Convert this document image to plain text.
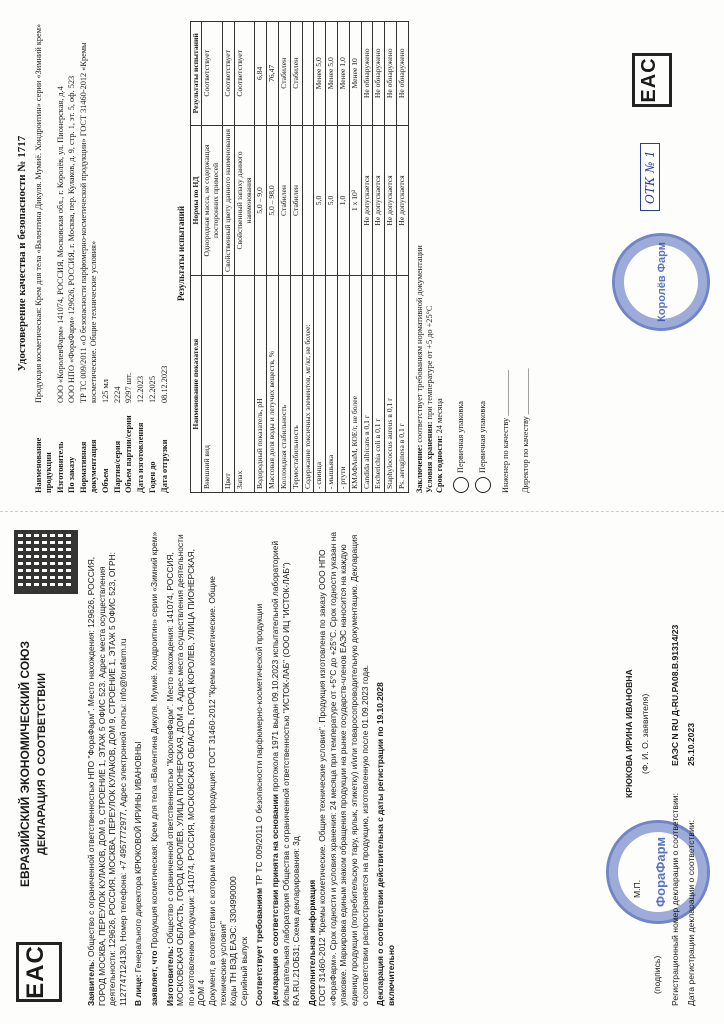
EAC
ЕВРАЗИЙСКИЙ ЭКОНОМИЧЕСКИЙ СОЮЗ ДЕКЛАРАЦИЯ О СООТВЕТСТВИИ

Заявитель: Общество с ограниченной ответственностью НПО "ФораФарм". Место нахождения: 129626, РОССИЯ, ГОРОД МОСКВА, ПЕРЕУЛОК КУЛАКОВ, ДОМ 9, СТРОЕНИЕ 1, ЭТАЖ 5 ОФИС 523. Адрес места осуществления деятельности: 129626, РОССИЯ, МОСКВА, ПЕРЕУЛОК КУЛАКОВ, ДОМ 9, СТРОЕНИЕ 1, ЭТАЖ 5 ОФИС 523, ОГРН: 1127747124130, Номер телефона: +7 4957772977, Адрес электронной почты: info@forafarm.ru В лице: Генерального директора КРЮКОВОЙ ИРИНЫ ИВАНОВНЫ

заявляет, что Продукция косметическая: Крем для тела «Валентина Дикуля. Мумиё. Хондроитин» серии «Зимний крем»

Изготовитель: Общество с ограниченной ответственностью "КоролевФарм". Место нахождения: 141074, РОССИЯ, МОСКОВСКАЯ ОБЛАСТЬ, ГОРОД КОРОЛЁВ, УЛИЦА ПИОНЕРСКАЯ, ДОМ 4. Адрес места осуществления деятельности по изготовлению продукции: 141074, РОССИЯ, МОСКОВСКАЯ ОБЛАСТЬ, ГОРОД КОРОЛЕВ, УЛИЦА ПИОНЕРСКАЯ, ДОМ 4
Документ, в соответствии с которым изготовлена продукция: ГОСТ 31460-2012 "Кремы косметические. Общие технические условия"
Коды ТН ВЭД ЕАЭС: 3304990000
Серийный выпуск Соответствует требованиям ТР ТС 009/2011 О безопасности парфюмерно-косметической продукции

Декларация о соответствии принята на основании протокола 1971 выдан 09.10.2023 испытательной лабораторией Испытательная лаборатория Общества с ограниченной ответственностью "ИСТОК-ЛАБ" (ООО ИЦ "ИСТОК-ЛАБ") RA.RU.21ОБ31; Схема декларирования: 3д Дополнительная информация
ГОСТ 31460-2012 "Кремы косметические. Общие технические условия". Продукция изготовлена по заказу ООО НПО «ФораФарм». Срок годности и условия хранения: 24 месяца при температуре от +5°С до +25°С. Срок годности указан на упаковке. Маркировка единым знаком обращения продукции на рынке государств-членов ЕАЭС наносится на каждую единицу продукции (потребительскую тару, ярлык, этикетку) и/или товаросопроводительную документацию. Декларация о соответствии распространяется на продукцию, изготовленную после 01.09.2023 года. Декларация о соответствии действительна с даты регистрации по 19.10.2028
включительно

ФораФарм
М.П.
(подпись)
КРЮКОВА ИРИНА ИВАНОВНА (Ф. И. О. заявителя)
Регистрационный номер декларации о соответствии:
ЕАЭС N RU Д-RU.PA08.В.91314/23
Дата регистрации декларации о соответствии:
25.10.2023
Удостоверение качества и безопасности № 1717
Наименование продукции
Продукция косметическая: Крем для тела «Валентина Дикуля. Мумиё. Хондроитин» серии «Зимний крем»
Изготовитель
ООО «КоролевФарм» 141074, РОССИЯ, Московская обл., г. Королёв, ул. Пионерская, д.4
По заказу
ООО НПО «ФораФарм» 129626, РОССИЯ, г. Москва, пер. Кулаков, д. 9, стр. 1, эт. 5, оф. 523
Нормативная документация
ТР ТС 009/2011 «О безопасности парфюмерно-косметической продукции» ГОСТ 31460-2012 «Кремы косметические. Общие технические условия»
Объем
125 мл
Партия/серия
2224
Объем партии/серии
9297 шт.
Дата изготовления
12.2023
Годен до
12.2025
Дата отгрузки
08.12.2023
Результаты испытаний
Наименование показателя	Нормы по НД	Результаты испытаний
Внешний вид	Однородная масса, не содержащая посторонних примесей	Соответствует
Цвет	Свойственный цвету данного наименования	Соответствует
Запах	Свойственный запаху данного наименования	Соответствует
Водородный показатель, pH	5,0 – 9,0	6,84
Массовая доля воды и летучих веществ, %	5,0 – 98,0	76,47
Коллоидная стабильность	Стабилен	Стабилен
Термостабильность	Стабилен	Стабилен
Содержание токсичных элементов, мг/кг, не более:		
- свинца	5,0	Менее 5,0
- мышьяка	5,0	Менее 5,0
- ртути	1,0	Менее 1,0
КМАФАнМ, КОЕ/г, не более	1 х 10³	Менее 10
Candida albicans в 0,1 г	Не допускается	Не обнаружено
Escherichia coli в 0,1 г	Не допускается	Не обнаружено
Staphylococcus aureus в 0,1 г	Не допускается	Не обнаружено
Ps. aeruginosa в 0,1 г	Не допускается	Не обнаружено
Заключение: соответствует требованиям нормативной документации
Условия хранения: при температуре от +5 до +25°С
Срок годности: 24 месяца	Первичная упаковка	Первичная упаковка	Инженер по качеству ___________
Директор по качеству ___________
Королёв Фарм
ОТК № 1
EAC
